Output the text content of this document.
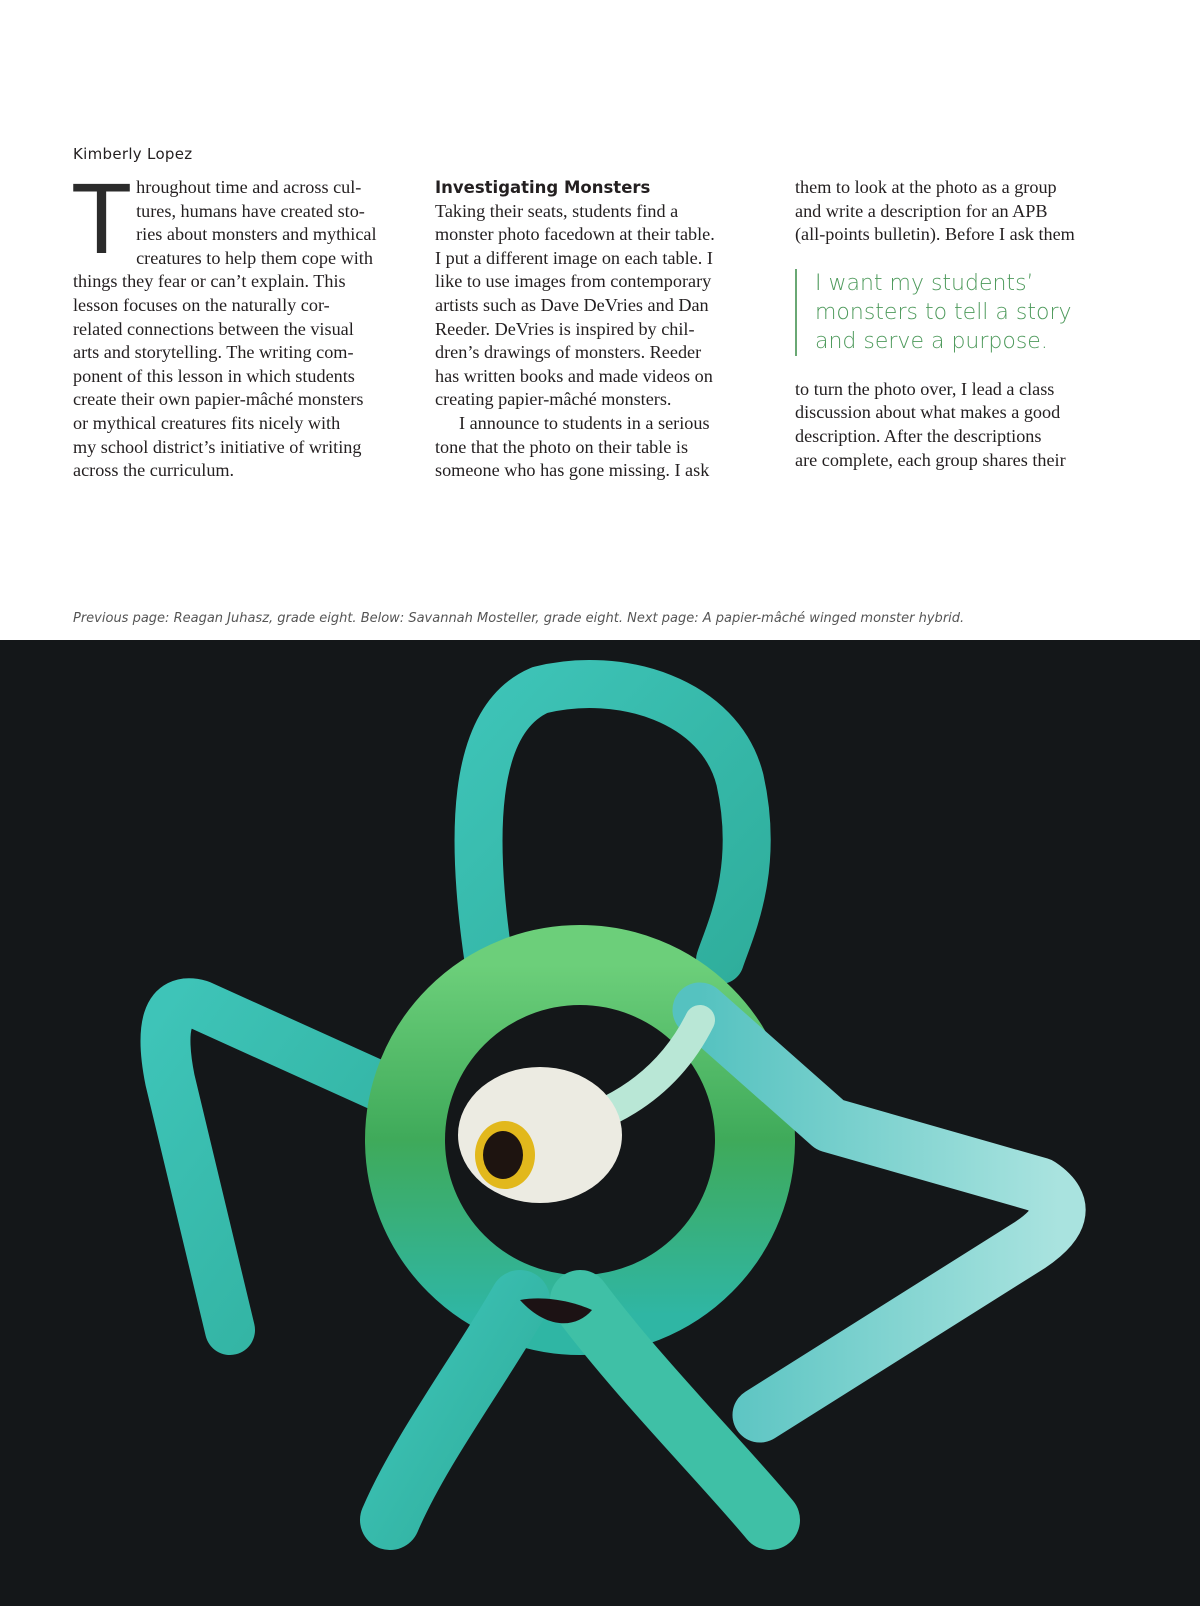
Kimberly Lopez

T hroughout time and across cul-
tures, humans have created sto-
ries about monsters and mythical
creatures to help them cope with
things they fear or can’t explain. This
lesson focuses on the naturally cor-
related connections between the visual
arts and storytelling. The writing com-
ponent of this lesson in which students
create their own papier-mâché monsters
or mythical creatures fits nicely with
my school district’s initiative of writing
across the curriculum.

Investigating Monsters

Taking their seats, students find a
monster photo facedown at their table.
I put a different image on each table. I
like to use images from contemporary
artists such as Dave DeVries and Dan
Reeder. DeVries is inspired by chil-
dren’s drawings of monsters. Reeder
has written books and made videos on
creating papier-mâché monsters.

I announce to students in a serious
tone that the photo on their table is
someone who has gone missing. I ask

them to look at the photo as a group
and write a description for an APB
(all-points bulletin). Before I ask them

I want my students’
monsters to tell a story
and serve a purpose.

to turn the photo over, I lead a class
discussion about what makes a good
description. After the descriptions
are complete, each group shares their

Previous page: Reagan Juhasz, grade eight. Below: Savannah Mosteller, grade eight. Next page: A papier-mâché winged monster hybrid.
